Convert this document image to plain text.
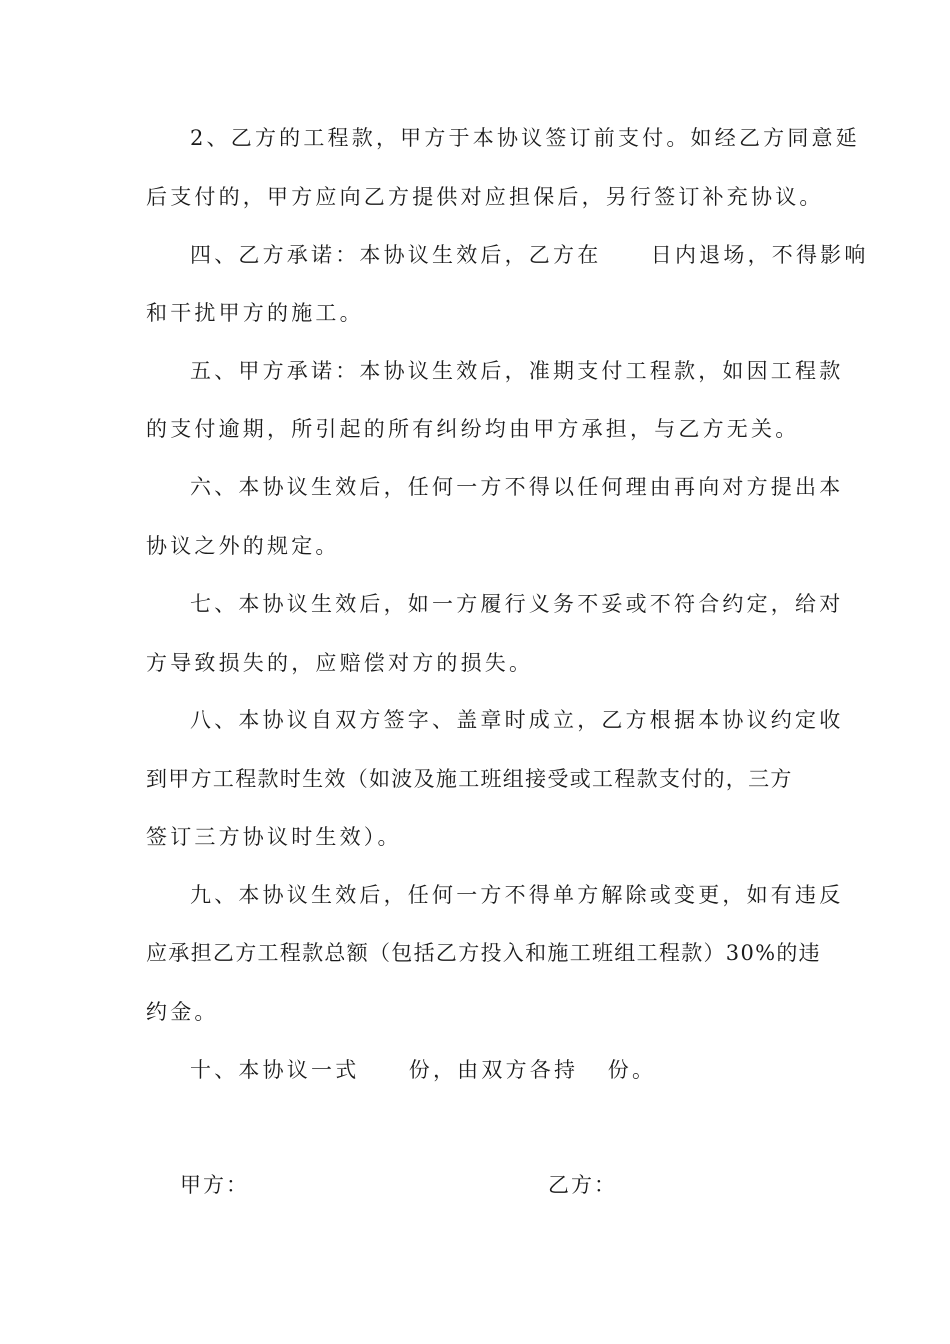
2、乙方的工程款，甲方于本协议签订前支付。如经乙方同意延
后支付的，甲方应向乙方提供对应担保后，另行签订补充协议。
四、乙方承诺：本协议生效后，乙方在     日内退场，不得影响
和干扰甲方的施工。
五、甲方承诺：本协议生效后，准期支付工程款，如因工程款
的支付逾期，所引起的所有纠纷均由甲方承担，与乙方无关。
六、本协议生效后，任何一方不得以任何理由再向对方提出本
协议之外的规定。
七、本协议生效后，如一方履行义务不妥或不符合约定，给对
方导致损失的，应赔偿对方的损失。
八、本协议自双方签字、盖章时成立，乙方根据本协议约定收
到甲方工程款时生效（如波及施工班组接受或工程款支付的，三方
签订三方协议时生效）。
九、本协议生效后，任何一方不得单方解除或变更，如有违反
应承担乙方工程款总额（包括乙方投入和施工班组工程款）30%的违
约金。
十、本协议一式     份，由双方各持   份。
甲方：	乙方：
